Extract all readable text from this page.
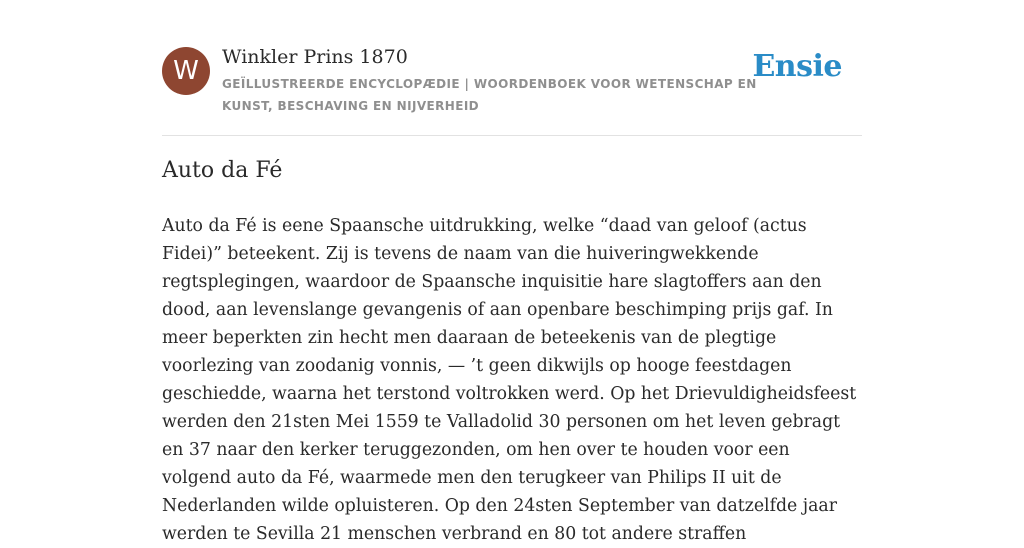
W	Winkler Prins 1870
GEÏLLUSTREERDE ENCYCLOPÆDIE | WOORDENBOEK VOOR WETENSCHAP EN KUNST, BESCHAVING EN NIJVERHEID
Ensie
Auto da Fé

Auto da Fé is eene Spaansche uitdrukking, welke “daad van geloof (actus Fidei)” beteekent. Zij is tevens de naam van die huiveringwekkende regtsplegingen, waardoor de Spaansche inquisitie hare slagtoffers aan den dood, aan levenslange gevangenis of aan openbare beschimping prijs gaf. In meer beperkten zin hecht men daaraan de beteekenis van de plegtige voorlezing van zoodanig vonnis, — ’t geen dikwijls op hooge feestdagen geschiedde, waarna het terstond voltrokken werd. Op het Drievuldigheidsfeest werden den 21sten Mei 1559 te Valladolid 30 personen om het leven gebragt en 37 naar den kerker teruggezonden, om hen over te houden voor een volgend auto da Fé, waarmede men den terugkeer van Philips II uit de Nederlanden wilde opluisteren. Op den 24sten September van datzelfde jaar werden te Sevilla 21 menschen verbrand en 80 tot andere straffen
